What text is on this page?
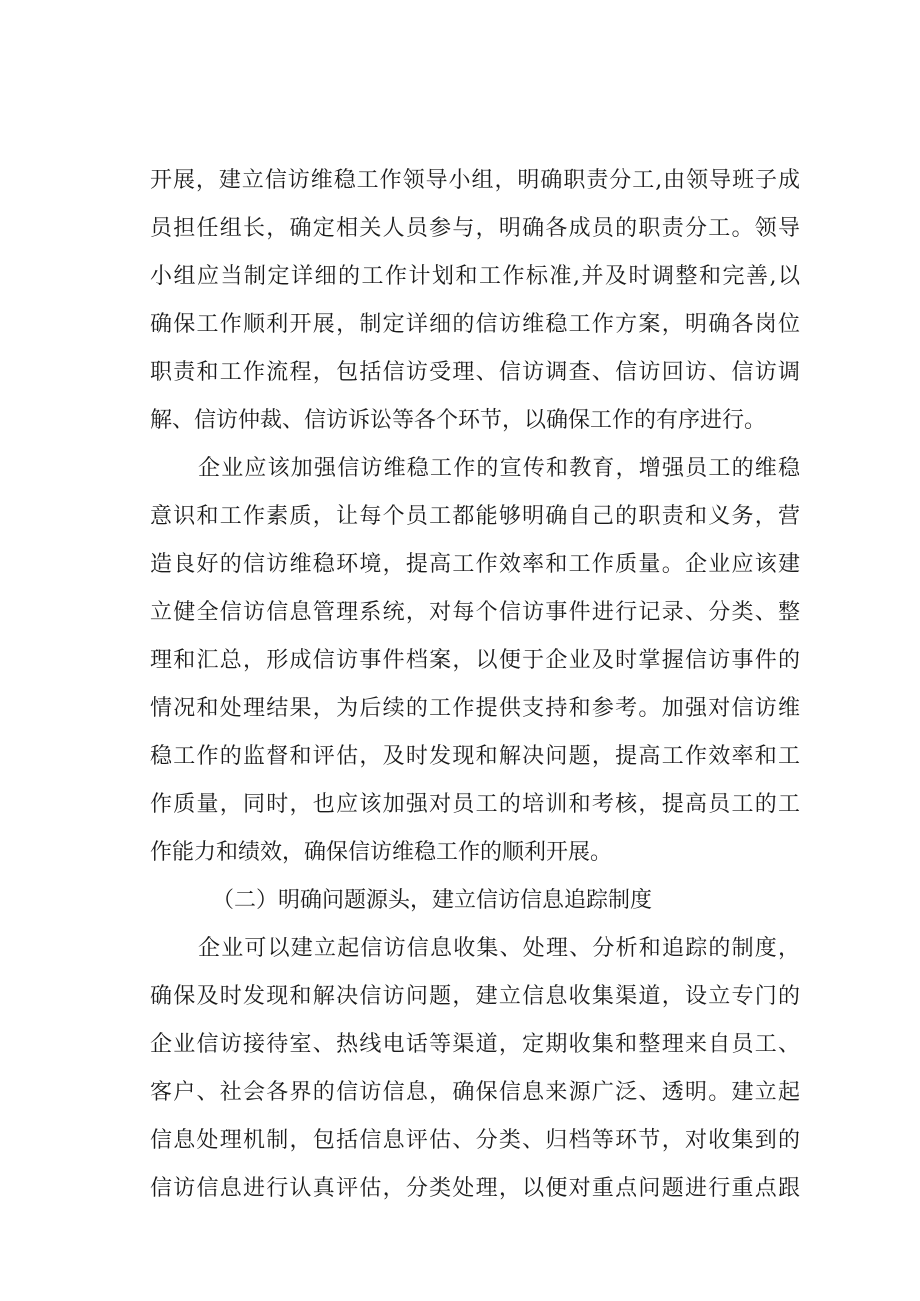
开展，建立信访维稳工作领导小组，明确职责分工,由领导班子成
员担任组长，确定相关人员参与，明确各成员的职责分工。领导
小组应当制定详细的工作计划和工作标准,并及时调整和完善,以
确保工作顺利开展，制定详细的信访维稳工作方案，明确各岗位
职责和工作流程，包括信访受理、信访调查、信访回访、信访调
解、信访仲裁、信访诉讼等各个环节，以确保工作的有序进行。
企业应该加强信访维稳工作的宣传和教育，增强员工的维稳
意识和工作素质，让每个员工都能够明确自己的职责和义务，营
造良好的信访维稳环境，提高工作效率和工作质量。企业应该建
立健全信访信息管理系统，对每个信访事件进行记录、分类、整
理和汇总，形成信访事件档案，以便于企业及时掌握信访事件的
情况和处理结果，为后续的工作提供支持和参考。加强对信访维
稳工作的监督和评估，及时发现和解决问题，提高工作效率和工
作质量，同时，也应该加强对员工的培训和考核，提高员工的工
作能力和绩效，确保信访维稳工作的顺利开展。
（二）明确问题源头，建立信访信息追踪制度
企业可以建立起信访信息收集、处理、分析和追踪的制度，
确保及时发现和解决信访问题，建立信息收集渠道，设立专门的
企业信访接待室、热线电话等渠道，定期收集和整理来自员工、
客户、社会各界的信访信息，确保信息来源广泛、透明。建立起
信息处理机制，包括信息评估、分类、归档等环节，对收集到的
信访信息进行认真评估，分类处理，以便对重点问题进行重点跟
